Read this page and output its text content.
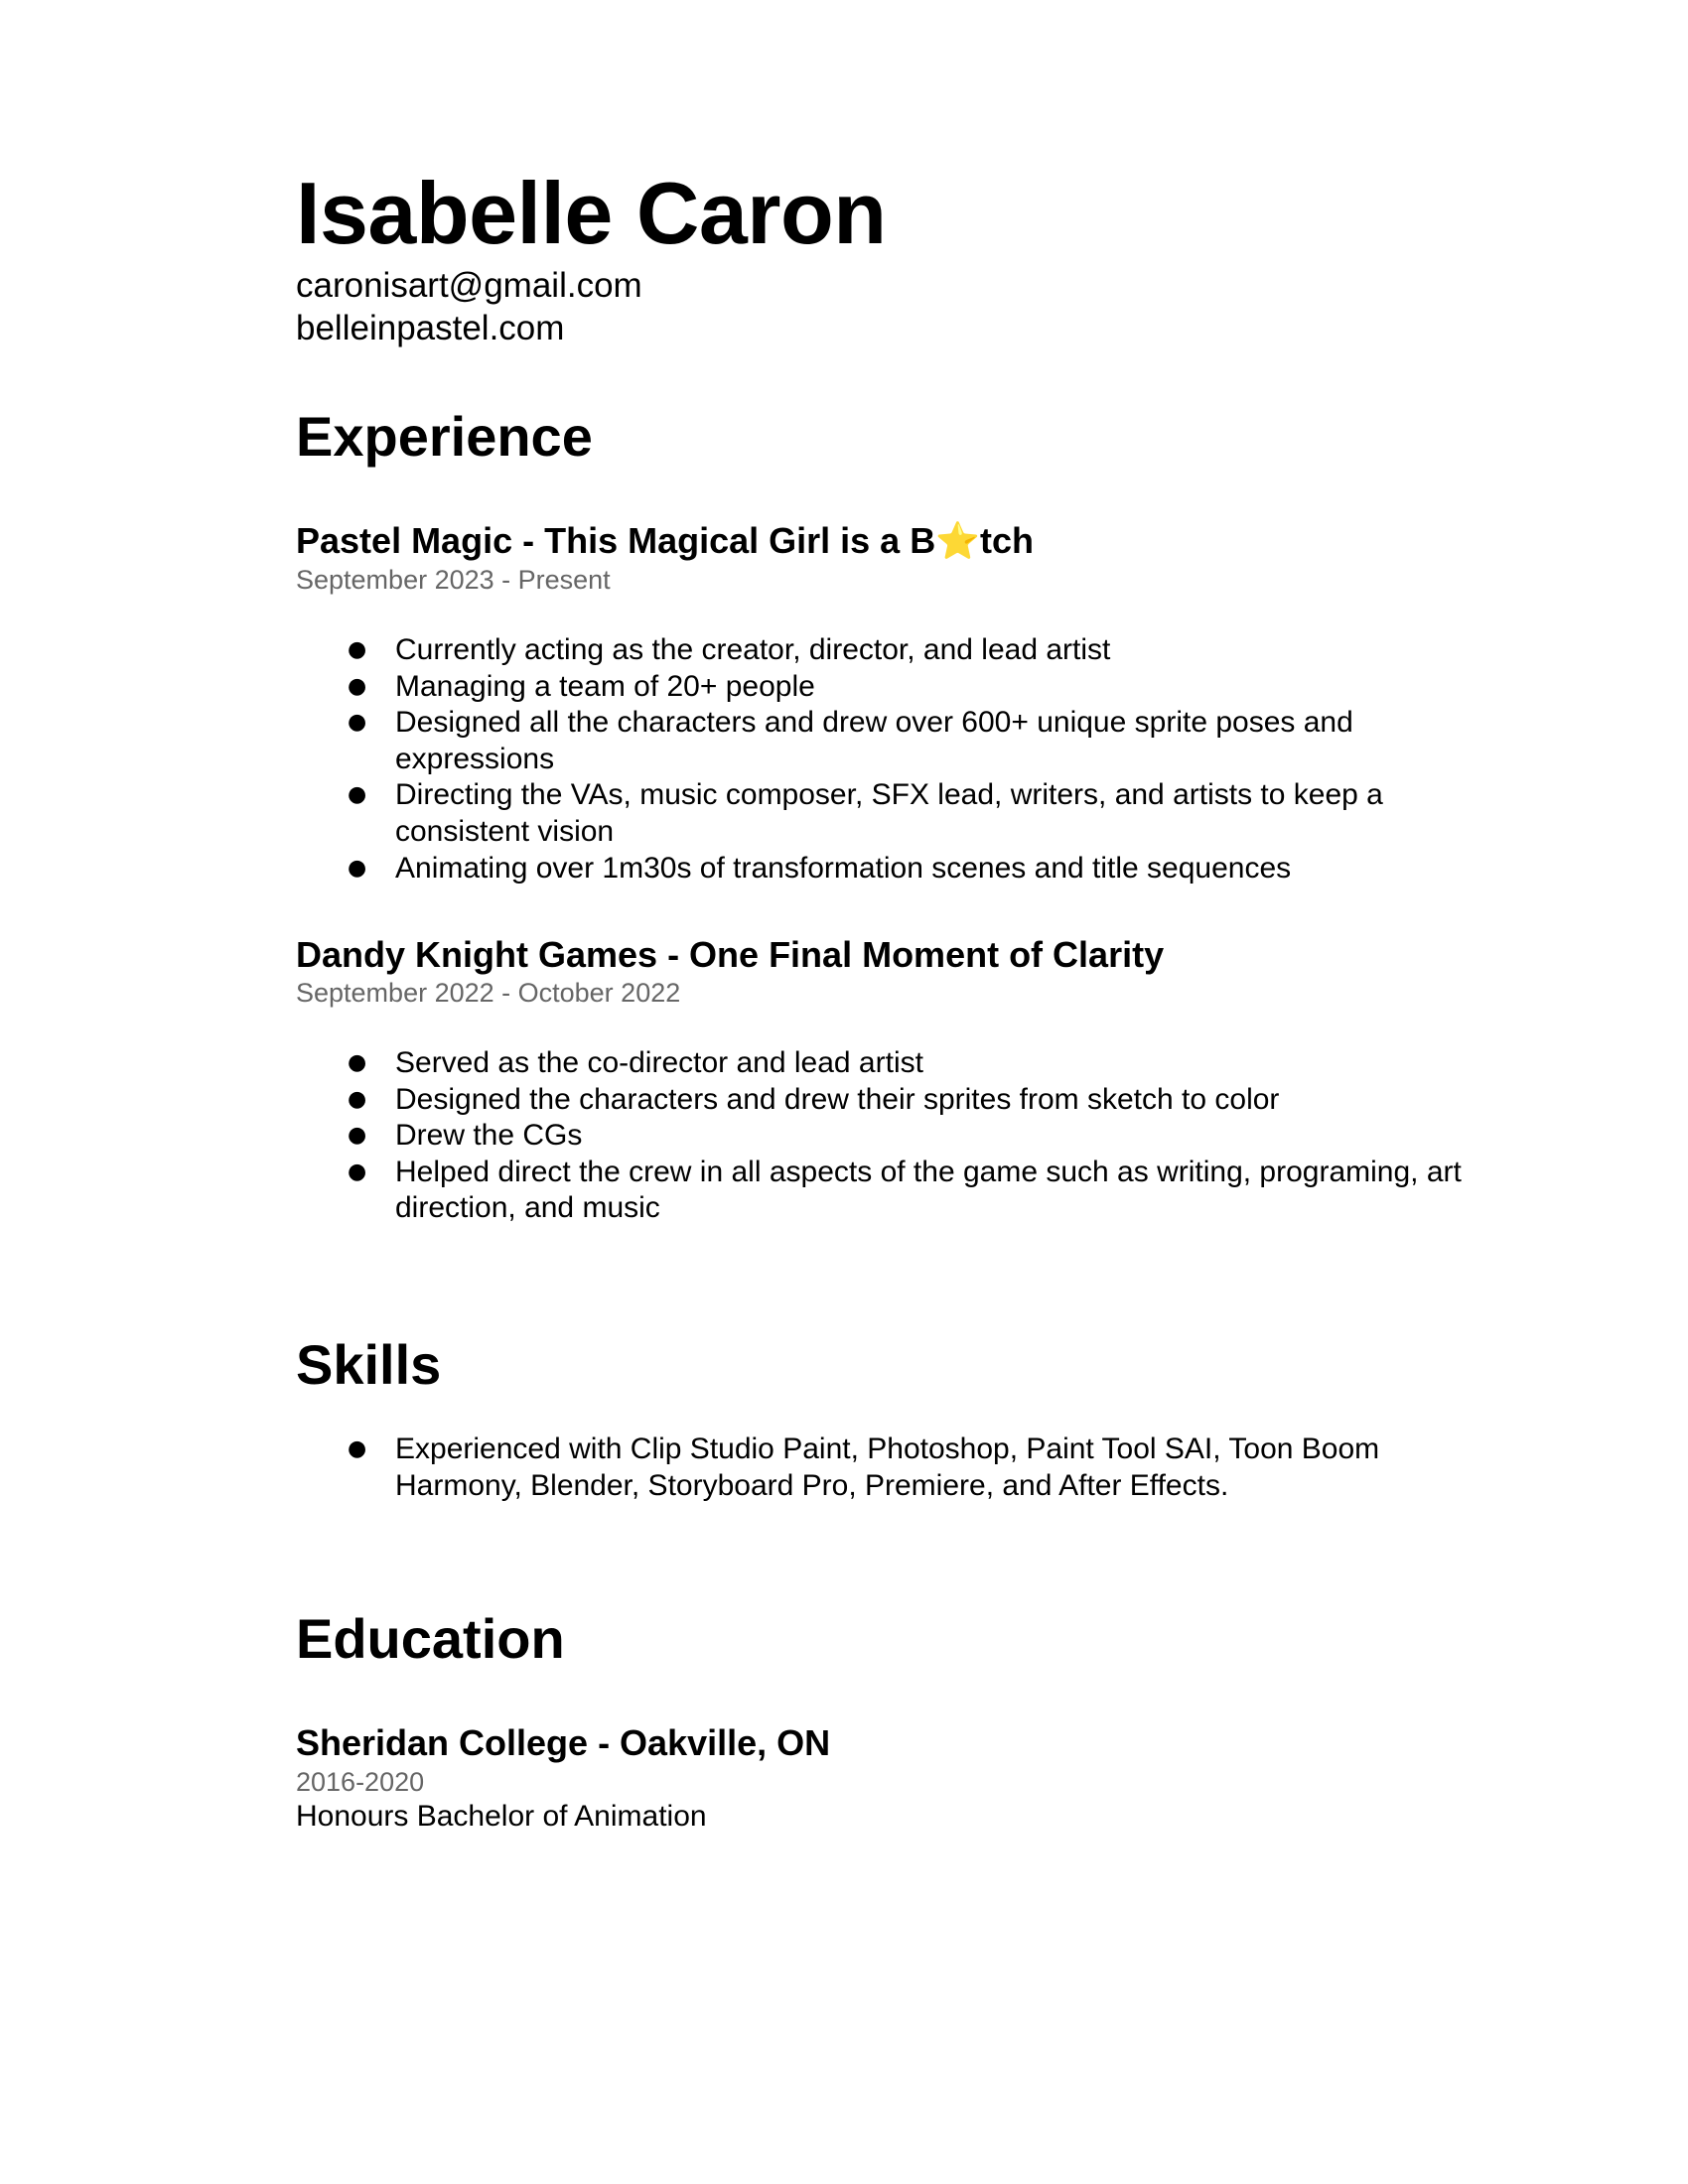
Isabelle Caron
caronisart@gmail.com
belleinpastel.com
Experience
Pastel Magic - This Magical Girl is a B⭐tch
September 2023 - Present
● Currently acting as the creator, director, and lead artist
● Managing a team of 20+ people
● Designed all the characters and drew over 600+ unique sprite poses and expressions
● Directing the VAs, music composer, SFX lead, writers, and artists to keep a consistent vision
● Animating over 1m30s of transformation scenes and title sequences
Dandy Knight Games - One Final Moment of Clarity
September 2022 - October 2022
● Served as the co-director and lead artist
● Designed the characters and drew their sprites from sketch to color
● Drew the CGs
● Helped direct the crew in all aspects of the game such as writing, programing, art direction, and music
Skills
● Experienced with Clip Studio Paint, Photoshop, Paint Tool SAI, Toon Boom Harmony, Blender, Storyboard Pro, Premiere, and After Effects.
Education
Sheridan College - Oakville, ON
2016-2020
Honours Bachelor of Animation
